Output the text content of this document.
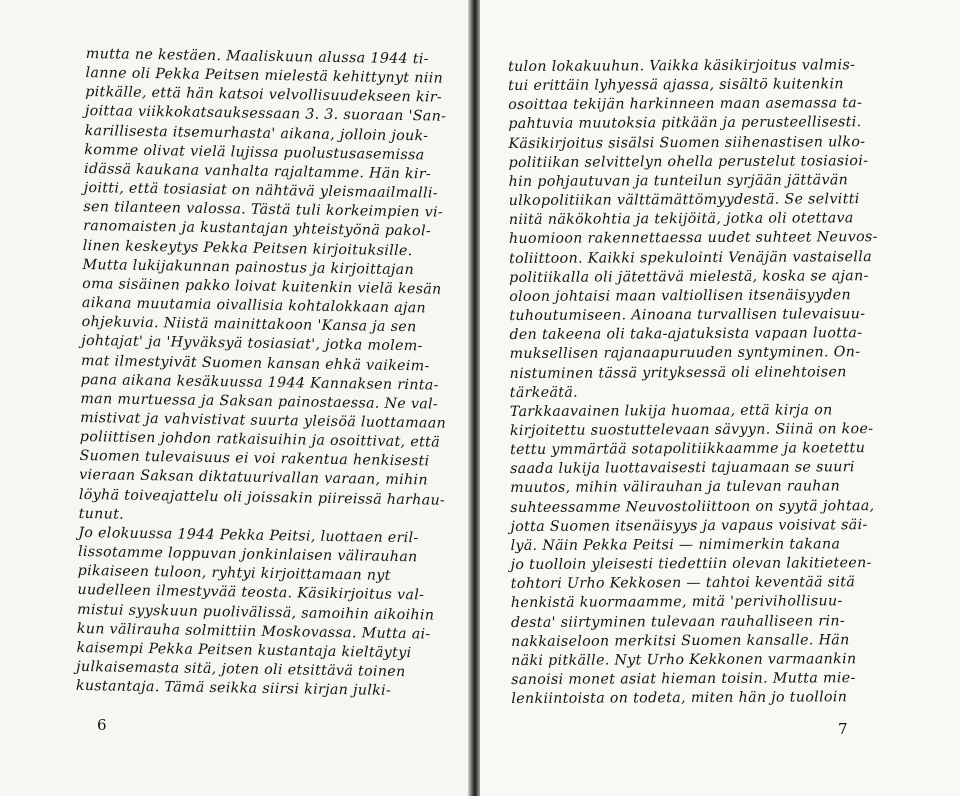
mutta ne kestäen. Maaliskuun alussa 1944 ti-
lanne oli Pekka Peitsen mielestä kehittynyt niin
pitkälle, että hän katsoi velvollisuudekseen kir-
joittaa viikkokatsauksessaan 3. 3. suoraan 'San-
karillisesta itsemurhasta' aikana, jolloin jouk-
komme olivat vielä lujissa puolustusasemissa
idässä kaukana vanhalta rajaltamme. Hän kir-
joitti, että tosiasiat on nähtävä yleismaailmalli-
sen tilanteen valossa. Tästä tuli korkeimpien vi-
ranomaisten ja kustantajan yhteistyönä pakol-
linen keskeytys Pekka Peitsen kirjoituksille.
Mutta lukijakunnan painostus ja kirjoittajan
oma sisäinen pakko loivat kuitenkin vielä kesän
aikana muutamia oivallisia kohtalokkaan ajan
ohjekuvia. Niistä mainittakoon 'Kansa ja sen
johtajat' ja 'Hyväksyä tosiasiat', jotka molem-
mat ilmestyivät Suomen kansan ehkä vaikeim-
pana aikana kesäkuussa 1944 Kannaksen rinta-
man murtuessa ja Saksan painostaessa. Ne val-
mistivat ja vahvistivat suurta yleisöä luottamaan
poliittisen johdon ratkaisuihin ja osoittivat, että
Suomen tulevaisuus ei voi rakentua henkisesti
vieraan Saksan diktatuurivallan varaan, mihin
löyhä toiveajattelu oli joissakin piireissä harhau-
tunut.
Jo elokuussa 1944 Pekka Peitsi, luottaen eril-
lissotamme loppuvan jonkinlaisen välirauhan
pikaiseen tuloon, ryhtyi kirjoittamaan nyt
uudelleen ilmestyvää teosta. Käsikirjoitus val-
mistui syyskuun puolivälissä, samoihin aikoihin
kun välirauha solmittiin Moskovassa. Mutta ai-
kaisempi Pekka Peitsen kustantaja kieltäytyi
julkaisemasta sitä, joten oli etsittävä toinen
kustantaja. Tämä seikka siirsi kirjan julki-
6
tulon lokakuuhun. Vaikka käsikirjoitus valmis-
tui erittäin lyhyessä ajassa, sisältö kuitenkin
osoittaa tekijän harkinneen maan asemassa ta-
pahtuvia muutoksia pitkään ja perusteellisesti.
Käsikirjoitus sisälsi Suomen siihenastisen ulko-
politiikan selvittelyn ohella perustelut tosiasioi-
hin pohjautuvan ja tunteilun syrjään jättävän
ulkopolitiikan välttämättömyydestä. Se selvitti
niitä näkökohtia ja tekijöitä, jotka oli otettava
huomioon rakennettaessa uudet suhteet Neuvos-
toliittoon. Kaikki spekulointi Venäjän vastaisella
politiikalla oli jätettävä mielestä, koska se ajan-
oloon johtaisi maan valtiollisen itsenäisyyden
tuhoutumiseen. Ainoana turvallisen tulevaisuu-
den takeena oli taka-ajatuksista vapaan luotta-
muksellisen rajanaapuruuden syntyminen. On-
nistuminen tässä yrityksessä oli elinehtoisen
tärkeätä.
Tarkkaavainen lukija huomaa, että kirja on
kirjoitettu suostuttelevaan sävyyn. Siinä on koe-
tettu ymmärtää sotapolitiikkaamme ja koetettu
saada lukija luottavaisesti tajuamaan se suuri
muutos, mihin välirauhan ja tulevan rauhan
suhteessamme Neuvostoliittoon on syytä johtaa,
jotta Suomen itsenäisyys ja vapaus voisivat säi-
lyä. Näin Pekka Peitsi — nimimerkin takana
jo tuolloin yleisesti tiedettiin olevan lakitieteen-
tohtori Urho Kekkosen — tahtoi keventää sitä
henkistä kuormaamme, mitä 'perivihollisuu-
desta' siirtyminen tulevaan rauhalliseen rin-
nakkaiseloon merkitsi Suomen kansalle. Hän
näki pitkälle. Nyt Urho Kekkonen varmaankin
sanoisi monet asiat hieman toisin. Mutta mie-
lenkiintoista on todeta, miten hän jo tuolloin
7
